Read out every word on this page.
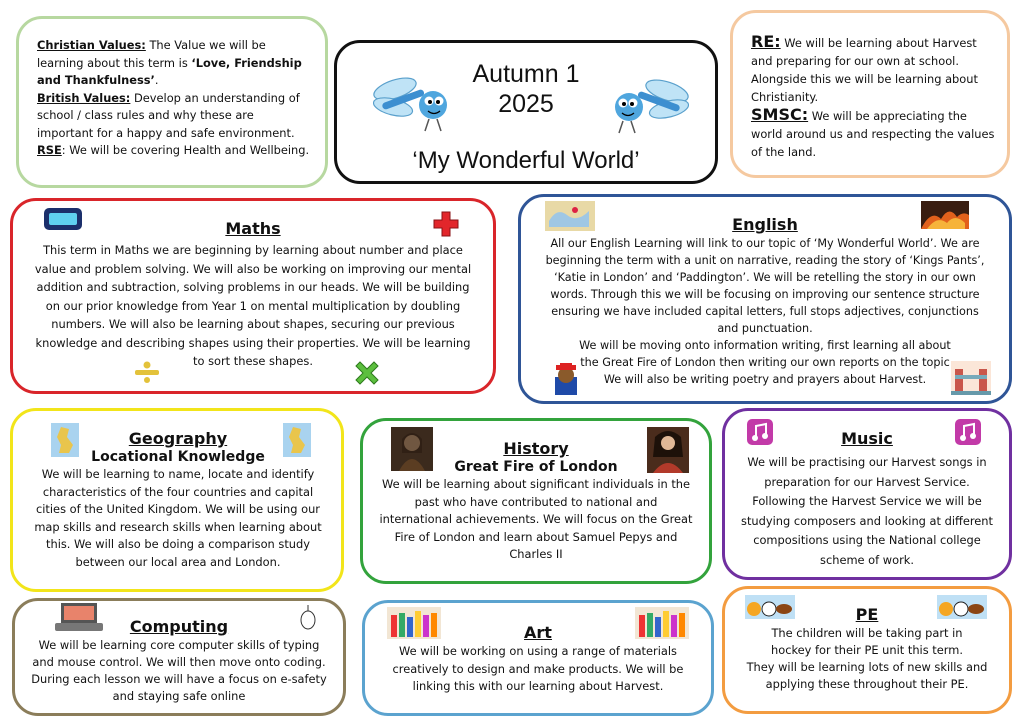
Christian Values: The Value we will be learning about this term is ‘Love, Friendship and Thankfulness’.
British Values: Develop an understanding of school / class rules and why these are important for a happy and safe environment.
RSE: We will be covering Health and Wellbeing.
Autumn 1
2025
‘My Wonderful World’
RE: We will be learning about Harvest and preparing for our own at school. Alongside this we will be learning about Christianity.
SMSC: We will be appreciating the world around us and respecting the values of the land.
Maths
This term in Maths we are beginning by learning about number and place value and problem solving. We will also be working on improving our mental addition and subtraction, solving problems in our heads. We will be building on our prior knowledge from Year 1 on mental multiplication by doubling numbers. We will also be learning about shapes, securing our previous knowledge and describing shapes using their properties. We will be learning to sort these shapes.
English
All our English Learning will link to our topic of ‘My Wonderful World’. We are beginning the term with a unit on narrative, reading the story of ‘Kings Pants’, ‘Katie in London’ and ‘Paddington’. We will be retelling the story in our own words. Through this we will be focusing on improving our sentence structure ensuring we have included capital letters, full stops adjectives, conjunctions and punctuation.
We will be moving onto information writing, first learning all about the Great Fire of London then writing our own reports on the topic
We will also be writing poetry and prayers about Harvest.
Geography
Locational Knowledge
We will be learning to name, locate and identify characteristics of the four countries and capital cities of the United Kingdom. We will be using our map skills and research skills when learning about this. We will also be doing a comparison study between our local area and London.
History
Great Fire of London
We will be learning about significant individuals in the past who have contributed to national and international achievements. We will focus on the Great Fire of London and learn about Samuel Pepys and Charles II
Music
We will be practising our Harvest songs in preparation for our Harvest Service. Following the Harvest Service we will be studying composers and looking at different compositions using the National college scheme of work.
Computing
We will be learning core computer skills of typing and mouse control. We will then move onto coding. During each lesson we will have a focus on e-safety and staying safe online
Art
We will be working on using a range of materials creatively to design and make products. We will be linking this with our learning about Harvest.
PE
The children will be taking part in hockey for their PE unit this term.
They will be learning lots of new skills and applying these throughout their PE.
